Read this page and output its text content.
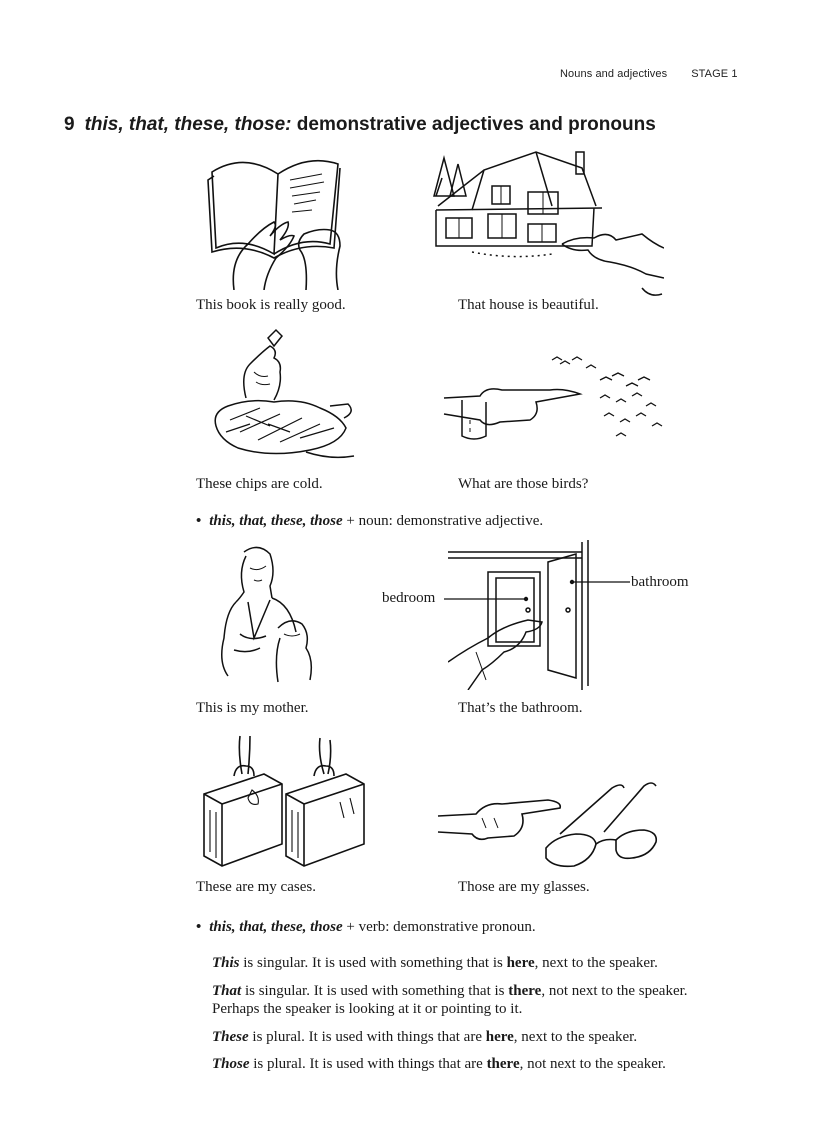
Nouns and adjectives STAGE 1
9 this, that, these, those: demonstrative adjectives and pronouns
This book is really good.	That house is beautiful.
These chips are cold.	What are those birds?
• this, that, these, those + noun: demonstrative adjective.
bedroom
bathroom
This is my mother.	That’s the bathroom.
These are my cases.	Those are my glasses.
• this, that, these, those + verb: demonstrative pronoun.
This is singular. It is used with something that is here, next to the speaker.
That is singular. It is used with something that is there, not next to the speaker. Perhaps the speaker is looking at it or pointing to it.
These is plural. It is used with things that are here, next to the speaker.
Those is plural. It is used with things that are there, not next to the speaker.
